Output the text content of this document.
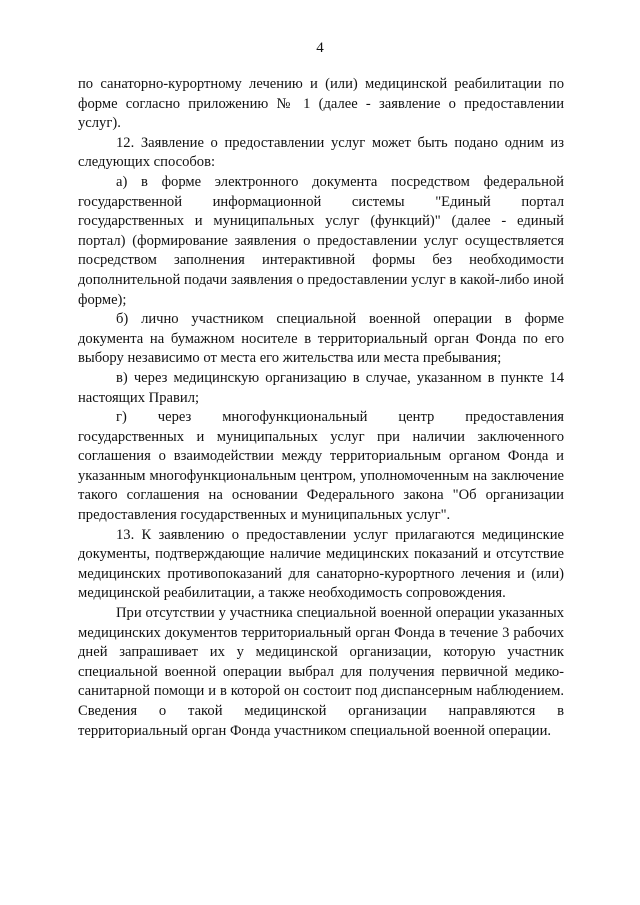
4

по санаторно-курортному лечению и (или) медицинской реабилитации по форме согласно приложению № 1 (далее - заявление о предоставлении услуг).

12. Заявление о предоставлении услуг может быть подано одним из следующих способов:

а) в форме электронного документа посредством федеральной государственной информационной системы "Единый портал государственных и муниципальных услуг (функций)" (далее - единый портал) (формирование заявления о предоставлении услуг осуществляется посредством заполнения интерактивной формы без необходимости дополнительной подачи заявления о предоставлении услуг в какой-либо иной форме);

б) лично участником специальной военной операции в форме документа на бумажном носителе в территориальный орган Фонда по его выбору независимо от места его жительства или места пребывания;

в) через медицинскую организацию в случае, указанном в пункте 14 настоящих Правил;

г) через многофункциональный центр предоставления государственных и муниципальных услуг при наличии заключенного соглашения о взаимодействии между территориальным органом Фонда и указанным многофункциональным центром, уполномоченным на заключение такого соглашения на основании Федерального закона "Об организации предоставления государственных и муниципальных услуг".

13. К заявлению о предоставлении услуг прилагаются медицинские документы, подтверждающие наличие медицинских показаний и отсутствие медицинских противопоказаний для санаторно-курортного лечения и (или) медицинской реабилитации, а также необходимость сопровождения.

При отсутствии у участника специальной военной операции указанных медицинских документов территориальный орган Фонда в течение 3 рабочих дней запрашивает их у медицинской организации, которую участник специальной военной операции выбрал для получения первичной медико-санитарной помощи и в которой он состоит под диспансерным наблюдением. Сведения о такой медицинской организации направляются в территориальный орган Фонда участником специальной военной операции.
